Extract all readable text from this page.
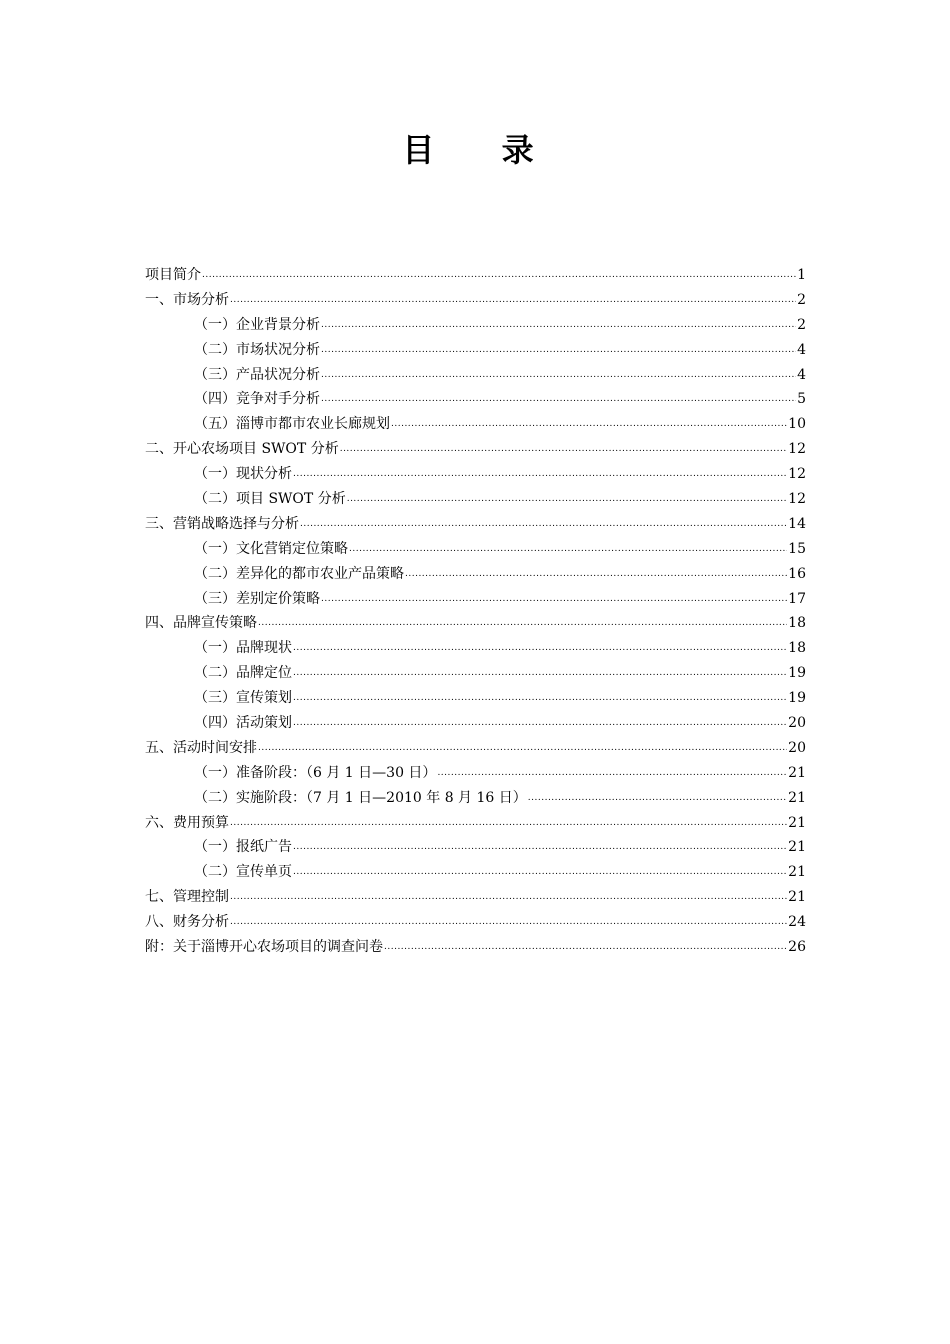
目 录
项目简介 .....	1
一、市场分析 .....	2
（一）企业背景分析 .....	2
（二）市场状况分析 .....	4
（三）产品状况分析 .....	4
（四）竞争对手分析 .....	5
（五）淄博市都市农业长廊规划 .....	10
二、开心农场项目 SWOT 分析 .....	12
（一）现状分析 .....	12
（二）项目 SWOT 分析 .....	12
三、营销战略选择与分析 .....	14
（一）文化营销定位策略 .....	15
（二）差异化的都市农业产品策略 .....	16
（三）差别定价策略 .....	17
四、品牌宣传策略 .....	18
（一）品牌现状 .....	18
（二）品牌定位 .....	19
（三）宣传策划 .....	19
（四）活动策划 .....	20
五、活动时间安排 .....	20
（一）准备阶段：（6 月 1 日—30 日） .....	21
（二）实施阶段：（7 月 1 日—2010 年 8 月 16 日） .....	21
六、费用预算 .....	21
（一）报纸广告 .....	21
（二）宣传单页 .....	21
七、管理控制 .....	21
八、财务分析 .....	24
附：关于淄博开心农场项目的调查问卷 .....	26
